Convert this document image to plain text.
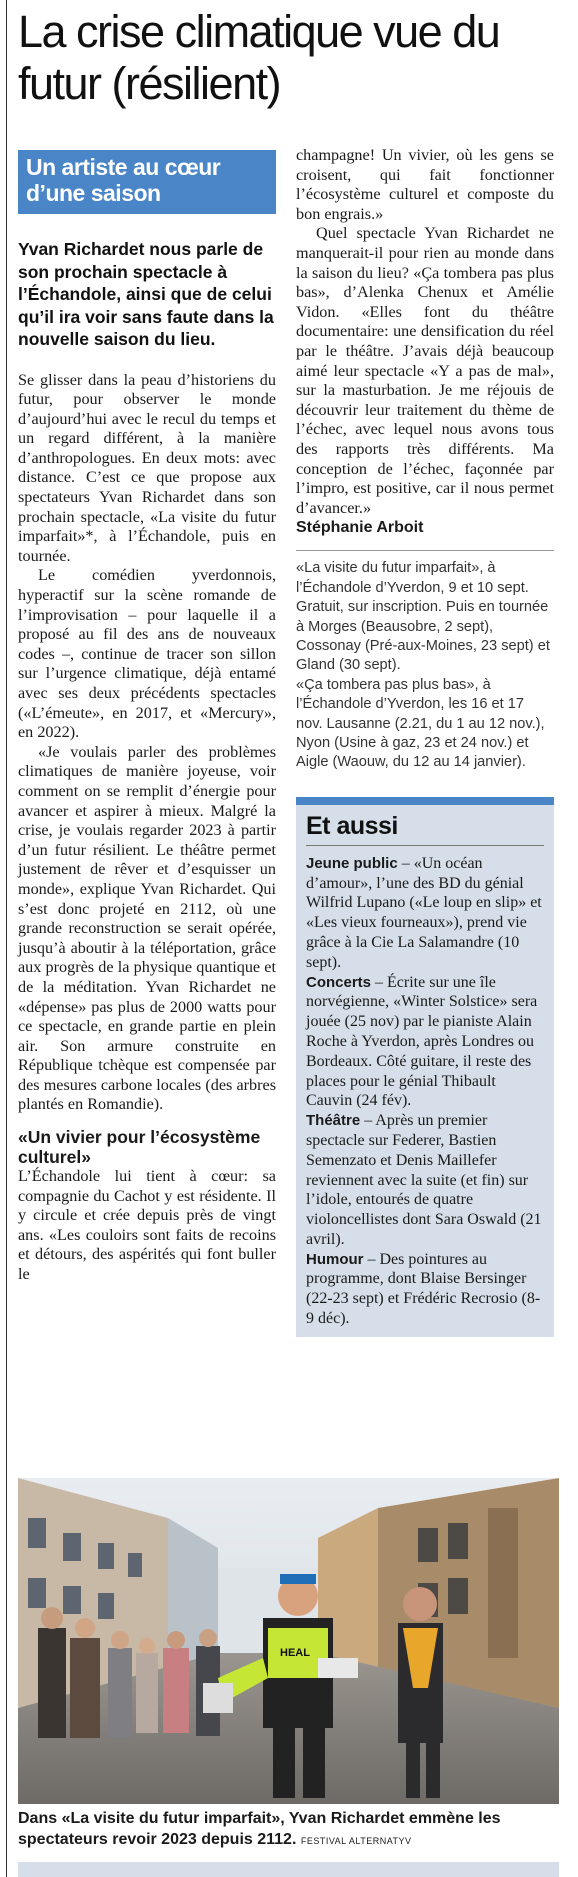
La crise climatique vue du futur (résilient)
Un artiste au cœur d’une saison

Yvan Richardet nous parle de son prochain spectacle à l’Échandole, ainsi que de celui qu’il ira voir sans faute dans la nouvelle saison du lieu.

Se glisser dans la peau d’historiens du futur, pour observer le monde d’aujourd’hui avec le recul du temps et un regard différent, à la manière d’anthropologues. En deux mots: avec distance. C’est ce que propose aux spectateurs Yvan Richardet dans son prochain spectacle, «La visite du futur imparfait»*, à l’Échandole, puis en tournée.

Le comédien yverdonnois, hyperactif sur la scène romande de l’improvisation – pour laquelle il a proposé au fil des ans de nouveaux codes –, continue de tracer son sillon sur l’urgence climatique, déjà entamé avec ses deux précédents spectacles («L’émeute», en 2017, et «Mercury», en 2022).

«Je voulais parler des problèmes climatiques de manière joyeuse, voir comment on se remplit d’énergie pour avancer et aspirer à mieux. Malgré la crise, je voulais regarder 2023 à partir d’un futur résilient. Le théâtre permet justement de rêver et d’esquisser un monde», explique Yvan Richardet. Qui s’est donc projeté en 2112, où une grande reconstruction se serait opérée, jusqu’à aboutir à la téléportation, grâce aux progrès de la physique quantique et de la méditation. Yvan Richardet ne «dépense» pas plus de 2000 watts pour ce spectacle, en grande partie en plein air. Son armure construite en République tchèque est compensée par des mesures carbone locales (des arbres plantés en Romandie).

«Un vivier pour l’écosystème culturel»

L’Échandole lui tient à cœur: sa compagnie du Cachot y est résidente. Il y circule et crée depuis près de vingt ans. «Les couloirs sont faits de recoins et détours, des aspérités qui font buller le

champagne! Un vivier, où les gens se croisent, qui fait fonctionner l’écosystème culturel et composte du bon engrais.»

Quel spectacle Yvan Richardet ne manquerait-il pour rien au monde dans la saison du lieu? «Ça tombera pas plus bas», d’Alenka Chenux et Amélie Vidon. «Elles font du théâtre documentaire: une densification du réel par le théâtre. J’avais déjà beaucoup aimé leur spectacle «Y a pas de mal», sur la masturbation. Je me réjouis de découvrir leur traitement du thème de l’échec, avec lequel nous avons tous des rapports très différents. Ma conception de l’échec, façonnée par l’impro, est positive, car il nous permet d’avancer.»

Stéphanie Arboit

«La visite du futur imparfait», à l’Échandole d’Yverdon, 9 et 10 sept. Gratuit, sur inscription. Puis en tournée à Morges (Beausobre, 2 sept), Cossonay (Pré-aux-Moines, 23 sept) et Gland (30 sept).

«Ça tombera pas plus bas», à l’Échandole d’Yverdon, les 16 et 17 nov. Lausanne (2.21, du 1 au 12 nov.), Nyon (Usine à gaz, 23 et 24 nov.) et Aigle (Waouw, du 12 au 14 janvier).

Et aussi

Jeune public – «Un océan d’amour», l’une des BD du génial Wilfrid Lupano («Le loup en slip» et «Les vieux fourneaux»), prend vie grâce à la Cie La Salamandre (10 sept).

Concerts – Écrite sur une île norvégienne, «Winter Solstice» sera jouée (25 nov) par le pianiste Alain Roche à Yverdon, après Londres ou Bordeaux. Côté guitare, il reste des places pour le génial Thibault Cauvin (24 fév).

Théâtre – Après un premier spectacle sur Federer, Bastien Semenzato et Denis Maillefer reviennent avec la suite (et fin) sur l’idole, entourés de quatre violoncellistes dont Sara Oswald (21 avril).

Humour – Des pointures au programme, dont Blaise Bersinger (22-23 sept) et Frédéric Recrosio (8-9 déc).

HEAL

Dans «La visite du futur imparfait», Yvan Richardet emmène les spectateurs revoir 2023 depuis 2112. FESTIVAL ALTERNATYV
